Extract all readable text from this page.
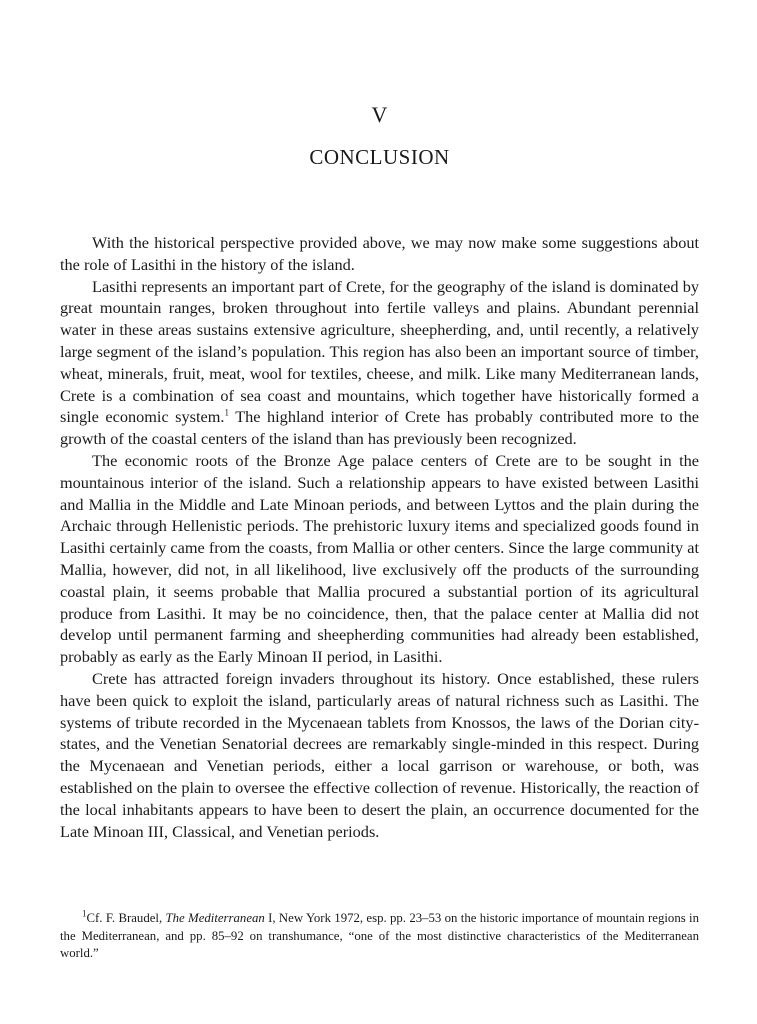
V
CONCLUSION

With the historical perspective provided above, we may now make some suggestions about the role of Lasithi in the history of the island.

Lasithi represents an important part of Crete, for the geography of the island is dominated by great mountain ranges, broken throughout into fertile valleys and plains. Abundant perennial water in these areas sustains extensive agriculture, sheepherding, and, until recently, a relatively large segment of the island’s population. This region has also been an important source of timber, wheat, minerals, fruit, meat, wool for textiles, cheese, and milk. Like many Mediterranean lands, Crete is a combination of sea coast and mountains, which together have historically formed a single economic system.$^1$ The highland interior of Crete has probably contributed more to the growth of the coastal centers of the island than has previously been recognized.

The economic roots of the Bronze Age palace centers of Crete are to be sought in the mountainous interior of the island. Such a relationship appears to have existed between Lasithi and Mallia in the Middle and Late Minoan periods, and between Lyttos and the plain during the Archaic through Hellenistic periods. The prehistoric luxury items and specialized goods found in Lasithi certainly came from the coasts, from Mallia or other centers. Since the large community at Mallia, however, did not, in all likelihood, live exclusively off the products of the surrounding coastal plain, it seems probable that Mallia procured a substantial portion of its agricultural produce from Lasithi. It may be no coincidence, then, that the palace center at Mallia did not develop until permanent farming and sheepherding communities had already been established, probably as early as the Early Minoan II period, in Lasithi.

Crete has attracted foreign invaders throughout its history. Once established, these rulers have been quick to exploit the island, particularly areas of natural richness such as Lasithi. The systems of tribute recorded in the Mycenaean tablets from Knossos, the laws of the Dorian city-states, and the Venetian Senatorial decrees are remarkably single-minded in this respect. During the Mycenaean and Venetian periods, either a local garrison or warehouse, or both, was established on the plain to oversee the effective collection of revenue. Historically, the reaction of the local inhabitants appears to have been to desert the plain, an occurrence documented for the Late Minoan III, Classical, and Venetian periods.

$^1$Cf. F. Braudel, The Mediterranean I, New York 1972, esp. pp. 23–53 on the historic importance of mountain regions in the Mediterranean, and pp. 85–92 on transhumance, “one of the most distinctive characteristics of the Mediterranean world.”
